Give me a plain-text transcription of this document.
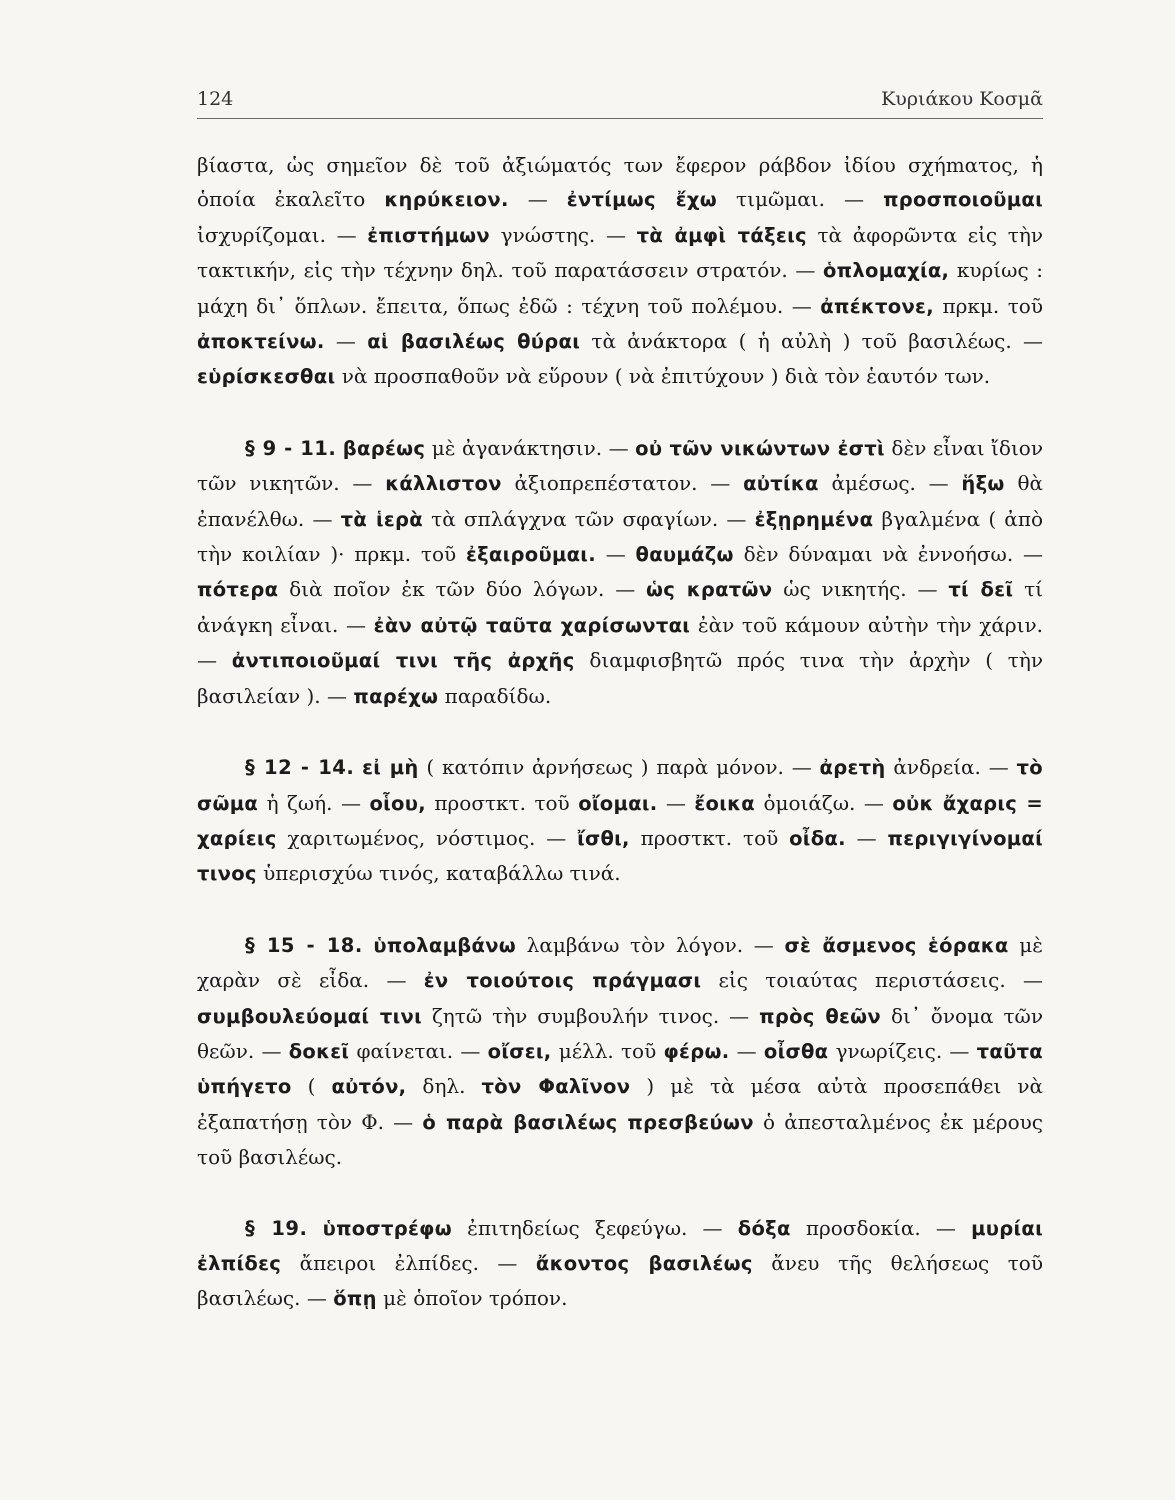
124	Κυριάκου Κοσμᾶ

βίαστα, ὡς σημεῖον δὲ τοῦ ἀξιώματός των ἔφερον ράβδον ἰδίου σχήmατος, ἡ ὁποία ἐκαλεῖτο κηρύκειον. — ἐντίμως ἔχω τιμῶμαι. — προσποιοῦμαι ἰσχυρίζομαι. — ἐπιστήμων γνώστης. — τὰ ἀμφὶ τάξεις τὰ ἀφορῶντα εἰς τὴν τακτικήν, εἰς τὴν τέχνην δηλ. τοῦ παρατάσσειν στρατόν. — ὁπλομαχία, κυρίως : μάχη δι᾿ ὅπλων. ἔπειτα, ὅπως ἐδῶ : τέχνη τοῦ πολέμου. — ἀπέκτονε, πρκμ. τοῦ ἀποκτείνω. — αἱ βασιλέως θύραι τὰ ἀνάκτορα ( ἡ αὐλὴ ) τοῦ βασιλέως. — εὑρίσκεσθαι νὰ προσπαθοῦν νὰ εὕρουν ( νὰ ἐπιτύχουν ) διὰ τὸν ἑαυτόν των.

§ 9 - 11. βαρέως μὲ ἀγανάκτησιν. — οὐ τῶν νικώντων ἐστὶ δὲν εἶναι ἴδιον τῶν νικητῶν. — κάλλιστον ἀξιοπρεπέστατον. — αὐτίκα ἀμέσως. — ἥξω θὰ ἐπανέλθω. — τὰ ἱερὰ τὰ σπλάγχνα τῶν σφαγίων. — ἐξῃρημένα βγαλμένα ( ἀπὸ τὴν κοιλίαν )· πρκμ. τοῦ ἐξαιροῦμαι. — θαυμάζω δὲν δύναμαι νὰ ἐννοήσω. — πότερα διὰ ποῖον ἐκ τῶν δύο λόγων. — ὡς κρατῶν ὡς νικητής. — τί δεῖ τί ἀνάγκη εἶναι. — ἐὰν αὐτῷ ταῦτα χαρίσωνται ἐὰν τοῦ κάμουν αὐτὴν τὴν χάριν. — ἀντιποιοῦμαί τινι τῆς ἀρχῆς διαμφισβητῶ πρός τινα τὴν ἀρχὴν ( τὴν βασιλείαν ). — παρέχω παραδίδω.

§ 12 - 14. εἰ μὴ ( κατόπιν ἀρνήσεως ) παρὰ μόνον. — ἀρετὴ ἀνδρεία. — τὸ σῶμα ἡ ζωή. — οἷου, προστκτ. τοῦ οἴομαι. — ἔοικα ὁμοιάζω. — οὐκ ἄχαρις = χαρίεις χαριτωμένος, νόστιμος. — ἴσθι, προστκτ. τοῦ οἶδα. — περιγιγίνομαί τινος ὑπερισχύω τινός, καταβάλλω τινά.

§ 15 - 18. ὑπολαμβάνω λαμβάνω τὸν λόγον. — σὲ ἄσμενος ἑόρακα μὲ χαρὰν σὲ εἶδα. — ἐν τοιούτοις πράγμασι εἰς τοιαύτας περιστάσεις. — συμβουλεύομαί τινι ζητῶ τὴν συμβουλήν τινος. — πρὸς θεῶν δι᾿ ὄνομα τῶν θεῶν. — δοκεῖ φαίνεται. — οἴσει, μέλλ. τοῦ φέρω. — οἶσθα γνωρίζεις. — ταῦτα ὑπήγετο ( αὐτόν, δηλ. τὸν Φαλῖνον ) μὲ τὰ μέσα αὐτὰ προσεπάθει νὰ ἐξαπατήσῃ τὸν Φ. — ὁ παρὰ βασιλέως πρεσβεύων ὁ ἀπεσταλμένος ἐκ μέρους τοῦ βασιλέως.

§ 19. ὑποστρέφω ἐπιτηδείως ξεφεύγω. — δόξα προσδοκία. — μυρίαι ἐλπίδες ἄπειροι ἐλπίδες. — ἄκοντος βασιλέως ἄνευ τῆς θελήσεως τοῦ βασιλέως. — ὅπῃ μὲ ὁποῖον τρόπον.
